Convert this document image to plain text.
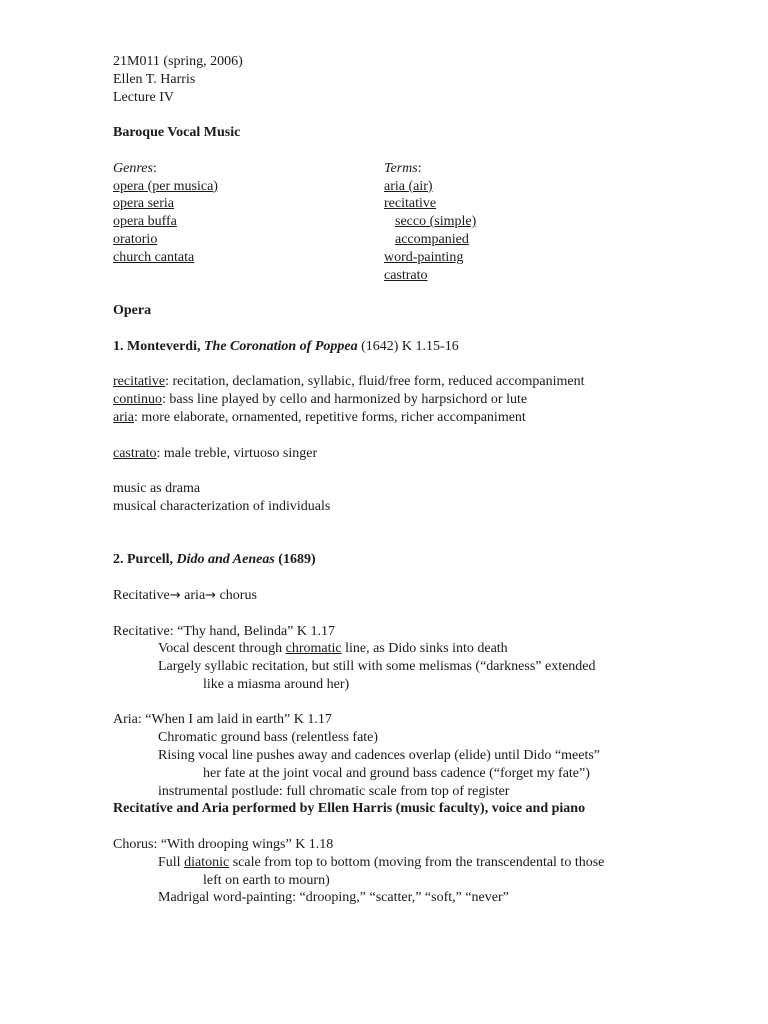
21M011 (spring, 2006)
Ellen T. Harris
Lecture IV
Baroque Vocal Music
Genres:
opera (per musica)
opera seria
opera buffa
oratorio
church cantata
Terms:
aria (air)
recitative
secco (simple)
accompanied
word-painting
castrato
Opera
1. Monteverdi, The Coronation of Poppea (1642) K 1.15-16
recitative: recitation, declamation, syllabic, fluid/free form, reduced accompaniment
continuo: bass line played by cello and harmonized by harpsichord or lute
aria: more elaborate, ornamented, repetitive forms, richer accompaniment
castrato: male treble, virtuoso singer
music as drama
musical characterization of individuals
2. Purcell, Dido and Aeneas (1689)
Recitative→ aria→ chorus
Recitative: “Thy hand, Belinda” K 1.17
Vocal descent through chromatic line, as Dido sinks into death
Largely syllabic recitation, but still with some melismas (“darkness” extended
like a miasma around her)
Aria: “When I am laid in earth” K 1.17
Chromatic ground bass (relentless fate)
Rising vocal line pushes away and cadences overlap (elide) until Dido “meets”
her fate at the joint vocal and ground bass cadence (“forget my fate”)
instrumental postlude: full chromatic scale from top of register
Recitative and Aria performed by Ellen Harris (music faculty), voice and piano
Chorus: “With drooping wings” K 1.18
Full diatonic scale from top to bottom (moving from the transcendental to those
left on earth to mourn)
Madrigal word-painting: “drooping,” “scatter,” “soft,” “never”
